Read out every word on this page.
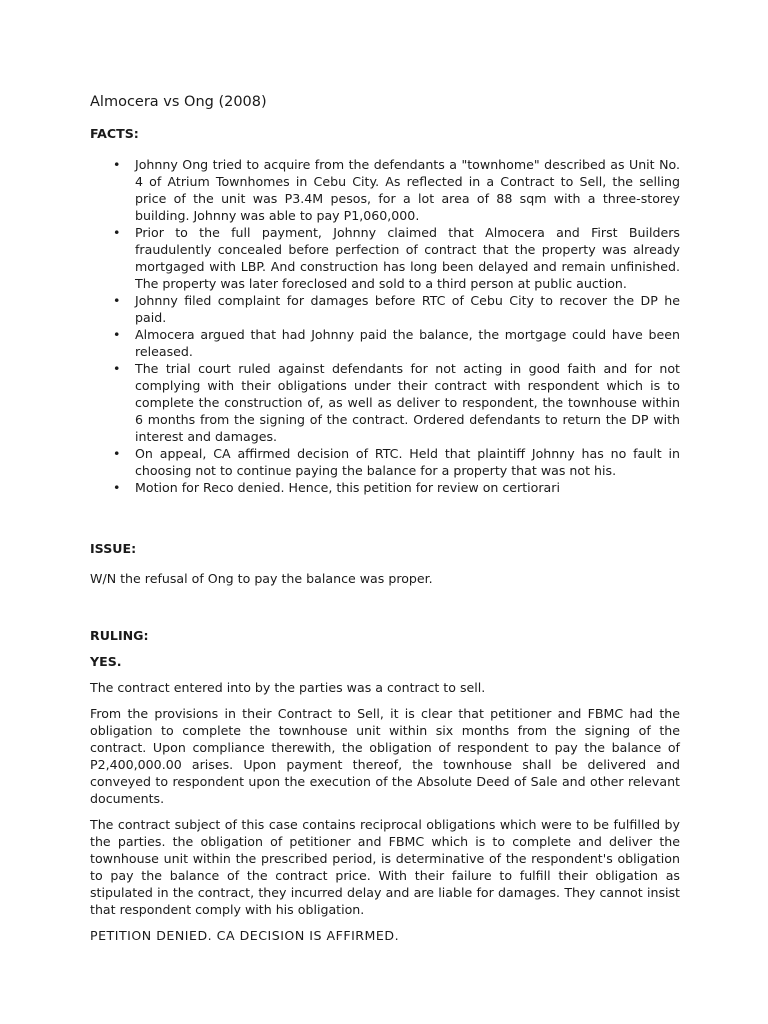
Almocera vs Ong (2008)
FACTS:
• Johnny Ong tried to acquire from the defendants a "townhome" described as Unit No. 4 of Atrium Townhomes in Cebu City. As reflected in a Contract to Sell, the selling price of the unit was P3.4M pesos, for a lot area of 88 sqm with a three-storey building. Johnny was able to pay P1,060,000.
• Prior to the full payment, Johnny claimed that Almocera and First Builders fraudulently concealed before perfection of contract that the property was already mortgaged with LBP. And construction has long been delayed and remain unfinished. The property was later foreclosed and sold to a third person at public auction.
• Johnny filed complaint for damages before RTC of Cebu City to recover the DP he paid.
• Almocera argued that had Johnny paid the balance, the mortgage could have been released.
• The trial court ruled against defendants for not acting in good faith and for not complying with their obligations under their contract with respondent which is to complete the construction of, as well as deliver to respondent, the townhouse within 6 months from the signing of the contract. Ordered defendants to return the DP with interest and damages.
• On appeal, CA affirmed decision of RTC. Held that plaintiff Johnny has no fault in choosing not to continue paying the balance for a property that was not his.
• Motion for Reco denied. Hence, this petition for review on certiorari
ISSUE:

W/N the refusal of Ong to pay the balance was proper.

RULING:
YES.

The contract entered into by the parties was a contract to sell.

From the provisions in their Contract to Sell, it is clear that petitioner and FBMC had the obligation to complete the townhouse unit within six months from the signing of the contract. Upon compliance therewith, the obligation of respondent to pay the balance of P2,400,000.00 arises. Upon payment thereof, the townhouse shall be delivered and conveyed to respondent upon the execution of the Absolute Deed of Sale and other relevant documents.

The contract subject of this case contains reciprocal obligations which were to be fulfilled by the parties. the obligation of petitioner and FBMC which is to complete and deliver the townhouse unit within the prescribed period, is determinative of the respondent's obligation to pay the balance of the contract price. With their failure to fulfill their obligation as stipulated in the contract, they incurred delay and are liable for damages. They cannot insist that respondent comply with his obligation.

PETITION DENIED. CA DECISION IS AFFIRMED.
